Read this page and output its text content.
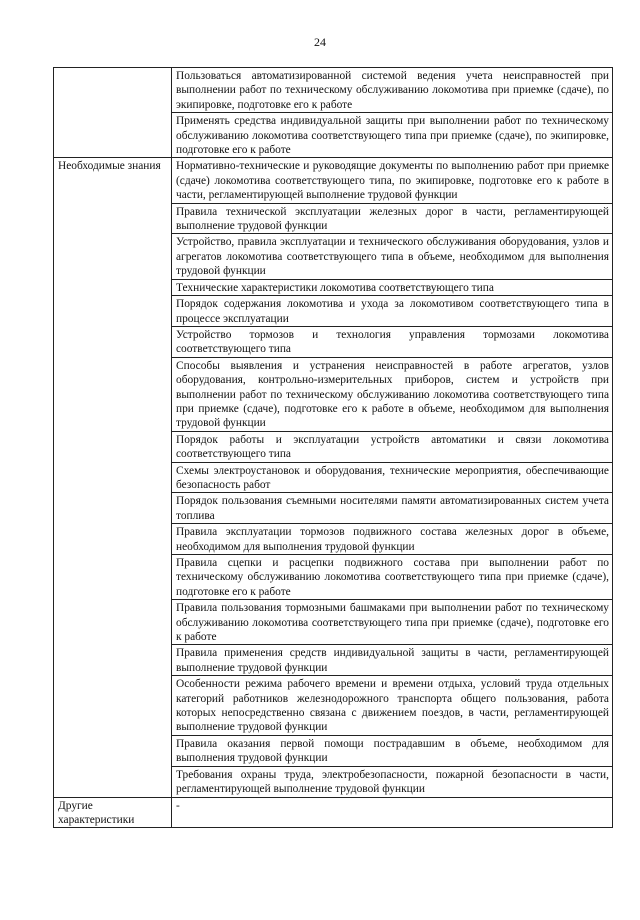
24
	Пользоваться автоматизированной системой ведения учета неисправностей при выполнении работ по техническому обслуживанию локомотива при приемке (сдаче), по экипировке, подготовке его к работе
	Применять средства индивидуальной защиты при выполнении работ по техническому обслуживанию локомотива соответствующего типа при приемке (сдаче), по экипировке, подготовке его к работе
Необходимые знания	Нормативно-технические и руководящие документы по выполнению работ при приемке (сдаче) локомотива соответствующего типа, по экипировке, подготовке его к работе в части, регламентирующей выполнение трудовой функции
	Правила технической эксплуатации железных дорог в части, регламентирующей выполнение трудовой функции
	Устройство, правила эксплуатации и технического обслуживания оборудования, узлов и агрегатов локомотива соответствующего типа в объеме, необходимом для выполнения трудовой функции
	Технические характеристики локомотива соответствующего типа
	Порядок содержания локомотива и ухода за локомотивом соответствующего типа в процессе эксплуатации
	Устройство тормозов и технология управления тормозами локомотива соответствующего типа
	Способы выявления и устранения неисправностей в работе агрегатов, узлов оборудования, контрольно-измерительных приборов, систем и устройств при выполнении работ по техническому обслуживанию локомотива соответствующего типа при приемке (сдаче), подготовке его к работе в объеме, необходимом для выполнения трудовой функции
	Порядок работы и эксплуатации устройств автоматики и связи локомотива соответствующего типа
	Схемы электроустановок и оборудования, технические мероприятия, обеспечивающие безопасность работ
	Порядок пользования съемными носителями памяти автоматизированных систем учета топлива
	Правила эксплуатации тормозов подвижного состава железных дорог в объеме, необходимом для выполнения трудовой функции
	Правила сцепки и расцепки подвижного состава при выполнении работ по техническому обслуживанию локомотива соответствующего типа при приемке (сдаче), подготовке его к работе
	Правила пользования тормозными башмаками при выполнении работ по техническому обслуживанию локомотива соответствующего типа при приемке (сдаче), подготовке его к работе
	Правила применения средств индивидуальной защиты в части, регламентирующей выполнение трудовой функции
	Особенности режима рабочего времени и времени отдыха, условий труда отдельных категорий работников железнодорожного транспорта общего пользования, работа которых непосредственно связана с движением поездов, в части, регламентирующей выполнение трудовой функции
	Правила оказания первой помощи пострадавшим в объеме, необходимом для выполнения трудовой функции
	Требования охраны труда, электробезопасности, пожарной безопасности в части, регламентирующей выполнение трудовой функции
Другие характеристики	-
